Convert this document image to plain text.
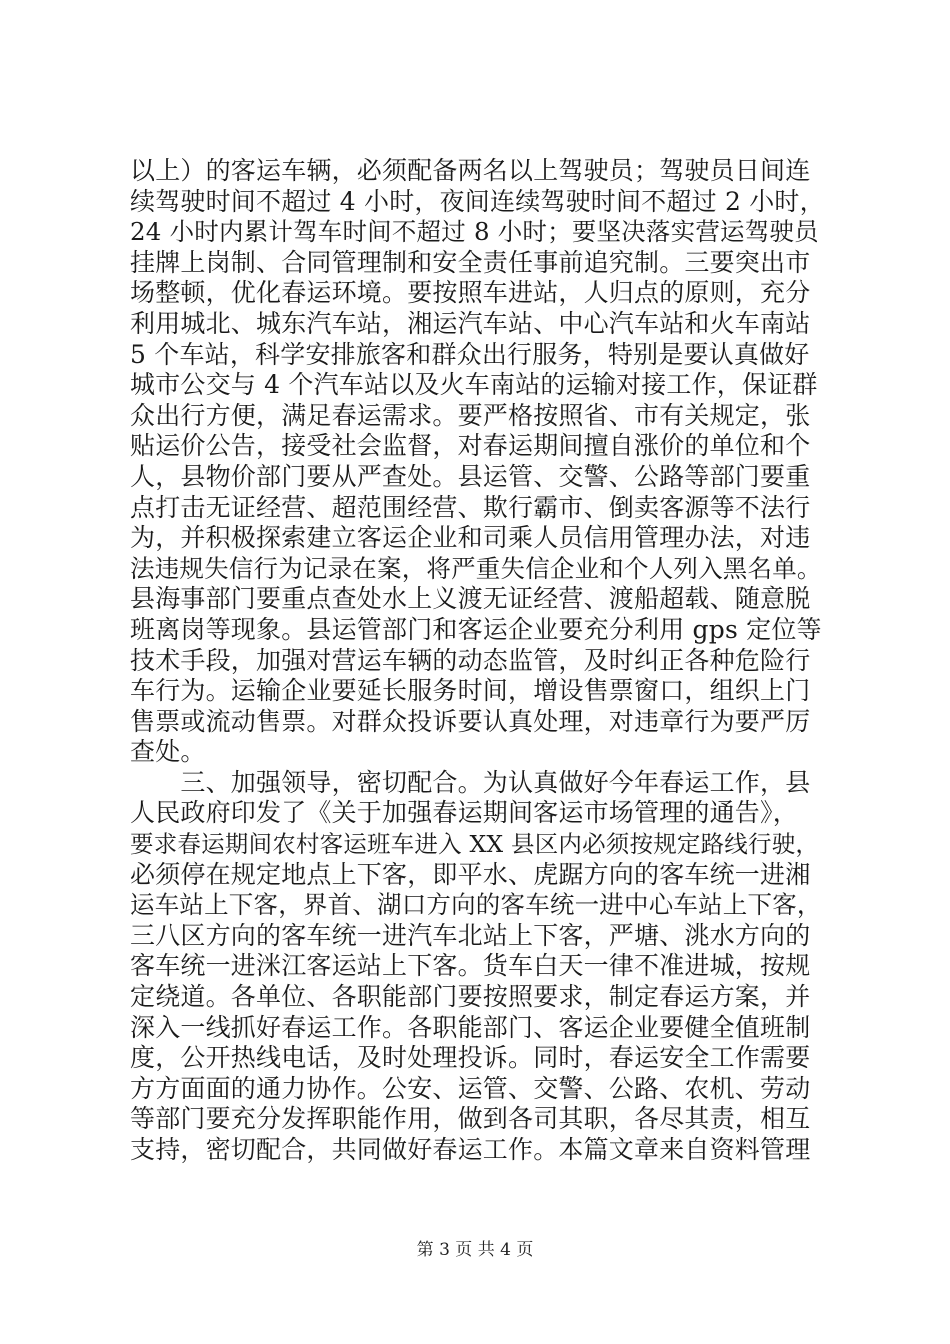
以上）的客运车辆，必须配备两名以上驾驶员；驾驶员日间连
续驾驶时间不超过 4 小时，夜间连续驾驶时间不超过 2 小时，
24 小时内累计驾车时间不超过 8 小时；要坚决落实营运驾驶员
挂牌上岗制、合同管理制和安全责任事前追究制。三要突出市
场整顿，优化春运环境。要按照车进站，人归点的原则，充分
利用城北、城东汽车站，湘运汽车站、中心汽车站和火车南站
5 个车站，科学安排旅客和群众出行服务，特别是要认真做好
城市公交与 4 个汽车站以及火车南站的运输对接工作，保证群
众出行方便，满足春运需求。要严格按照省、市有关规定，张
贴运价公告，接受社会监督，对春运期间擅自涨价的单位和个
人，县物价部门要从严查处。县运管、交警、公路等部门要重
点打击无证经营、超范围经营、欺行霸市、倒卖客源等不法行
为，并积极探索建立客运企业和司乘人员信用管理办法，对违
法违规失信行为记录在案，将严重失信企业和个人列入黑名单。
县海事部门要重点查处水上义渡无证经营、渡船超载、随意脱
班离岗等现象。县运管部门和客运企业要充分利用 gps 定位等
技术手段，加强对营运车辆的动态监管，及时纠正各种危险行
车行为。运输企业要延长服务时间，增设售票窗口，组织上门
售票或流动售票。对群众投诉要认真处理，对违章行为要严厉
查处。
　　三、加强领导，密切配合。为认真做好今年春运工作，县
人民政府印发了《关于加强春运期间客运市场管理的通告》，
要求春运期间农村客运班车进入 XX 县区内必须按规定路线行驶，
必须停在规定地点上下客，即平水、虎踞方向的客车统一进湘
运车站上下客，界首、湖口方向的客车统一进中心车站上下客，
三八区方向的客车统一进汽车北站上下客，严塘、洮水方向的
客车统一进洣江客运站上下客。货车白天一律不准进城，按规
定绕道。各单位、各职能部门要按照要求，制定春运方案，并
深入一线抓好春运工作。各职能部门、客运企业要健全值班制
度，公开热线电话，及时处理投诉。同时，春运安全工作需要
方方面面的通力协作。公安、运管、交警、公路、农机、劳动
等部门要充分发挥职能作用，做到各司其职，各尽其责，相互
支持，密切配合，共同做好春运工作。本篇文章来自资料管理
第 3 页 共 4 页
